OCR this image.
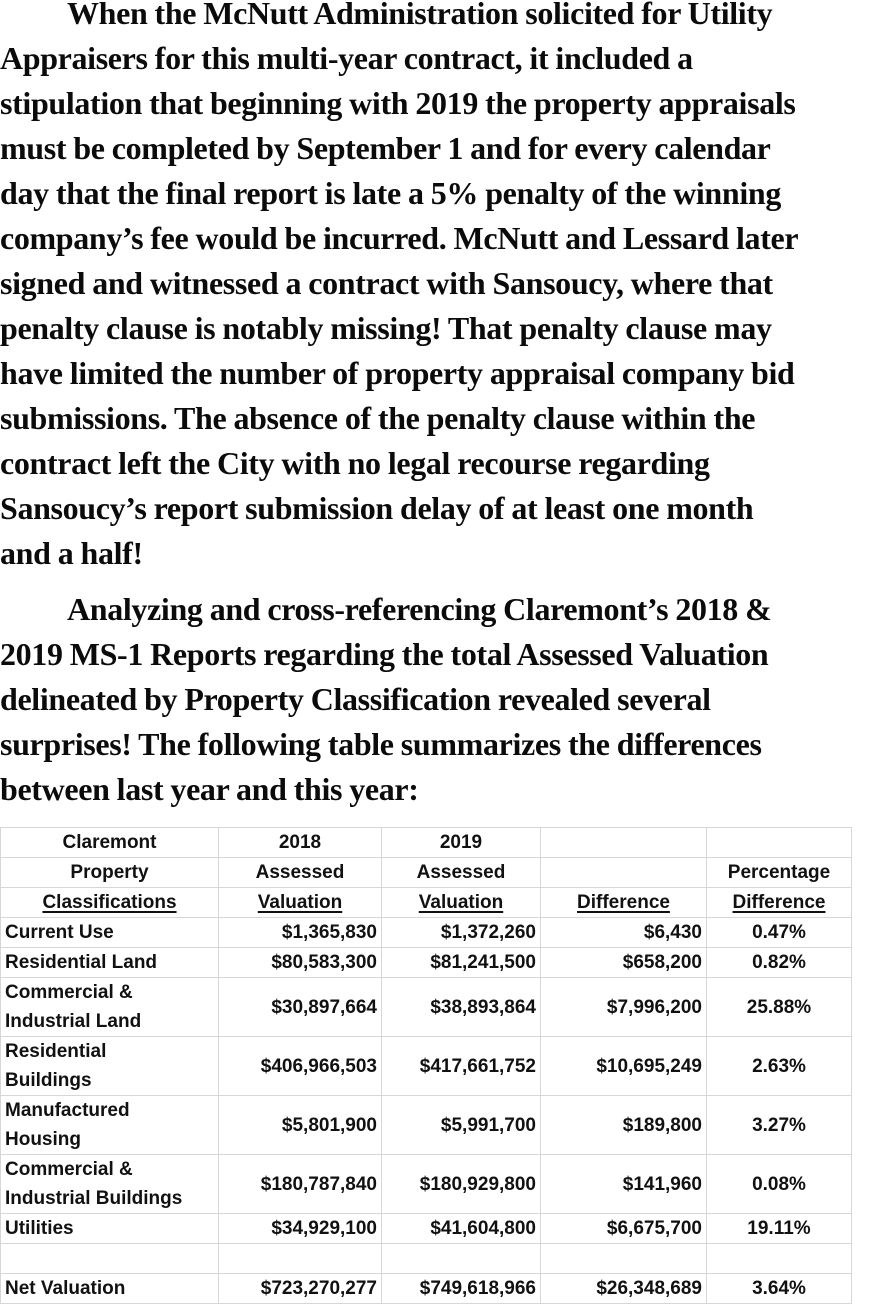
When the McNutt Administration solicited for Utility
Appraisers for this multi-year contract, it included a
stipulation that beginning with 2019 the property appraisals
must be completed by September 1 and for every calendar
day that the final report is late a 5% penalty of the winning
company’s fee would be incurred. McNutt and Lessard later
signed and witnessed a contract with Sansoucy, where that
penalty clause is notably missing! That penalty clause may
have limited the number of property appraisal company bid
submissions. The absence of the penalty clause within the
contract left the City with no legal recourse regarding
Sansoucy’s report submission delay of at least one month
and a half!
Analyzing and cross-referencing Claremont’s 2018 &
2019 MS-1 Reports regarding the total Assessed Valuation
delineated by Property Classification revealed several
surprises! The following table summarizes the differences
between last year and this year:
Claremont	2018	2019		
Property	Assessed	Assessed		Percentage
Classifications	Valuation	Valuation	Difference	Difference
Current Use	$1,365,830	$1,372,260	$6,430	0.47%
Residential Land	$80,583,300	$81,241,500	$658,200	0.82%

Commercial &
Industrial Land	$30,897,664	$38,893,864	$7,996,200	25.88%

Residential
Buildings	$406,966,503	$417,661,752	$10,695,249	2.63%

Manufactured
Housing	$5,801,900	$5,991,700	$189,800	3.27%

Commercial &
Industrial Buildings	$180,787,840	$180,929,800	$141,960	0.08%
Utilities	$34,929,100	$41,604,800	$6,675,700	19.11%

Net Valuation	$723,270,277	$749,618,966	$26,348,689	3.64%
